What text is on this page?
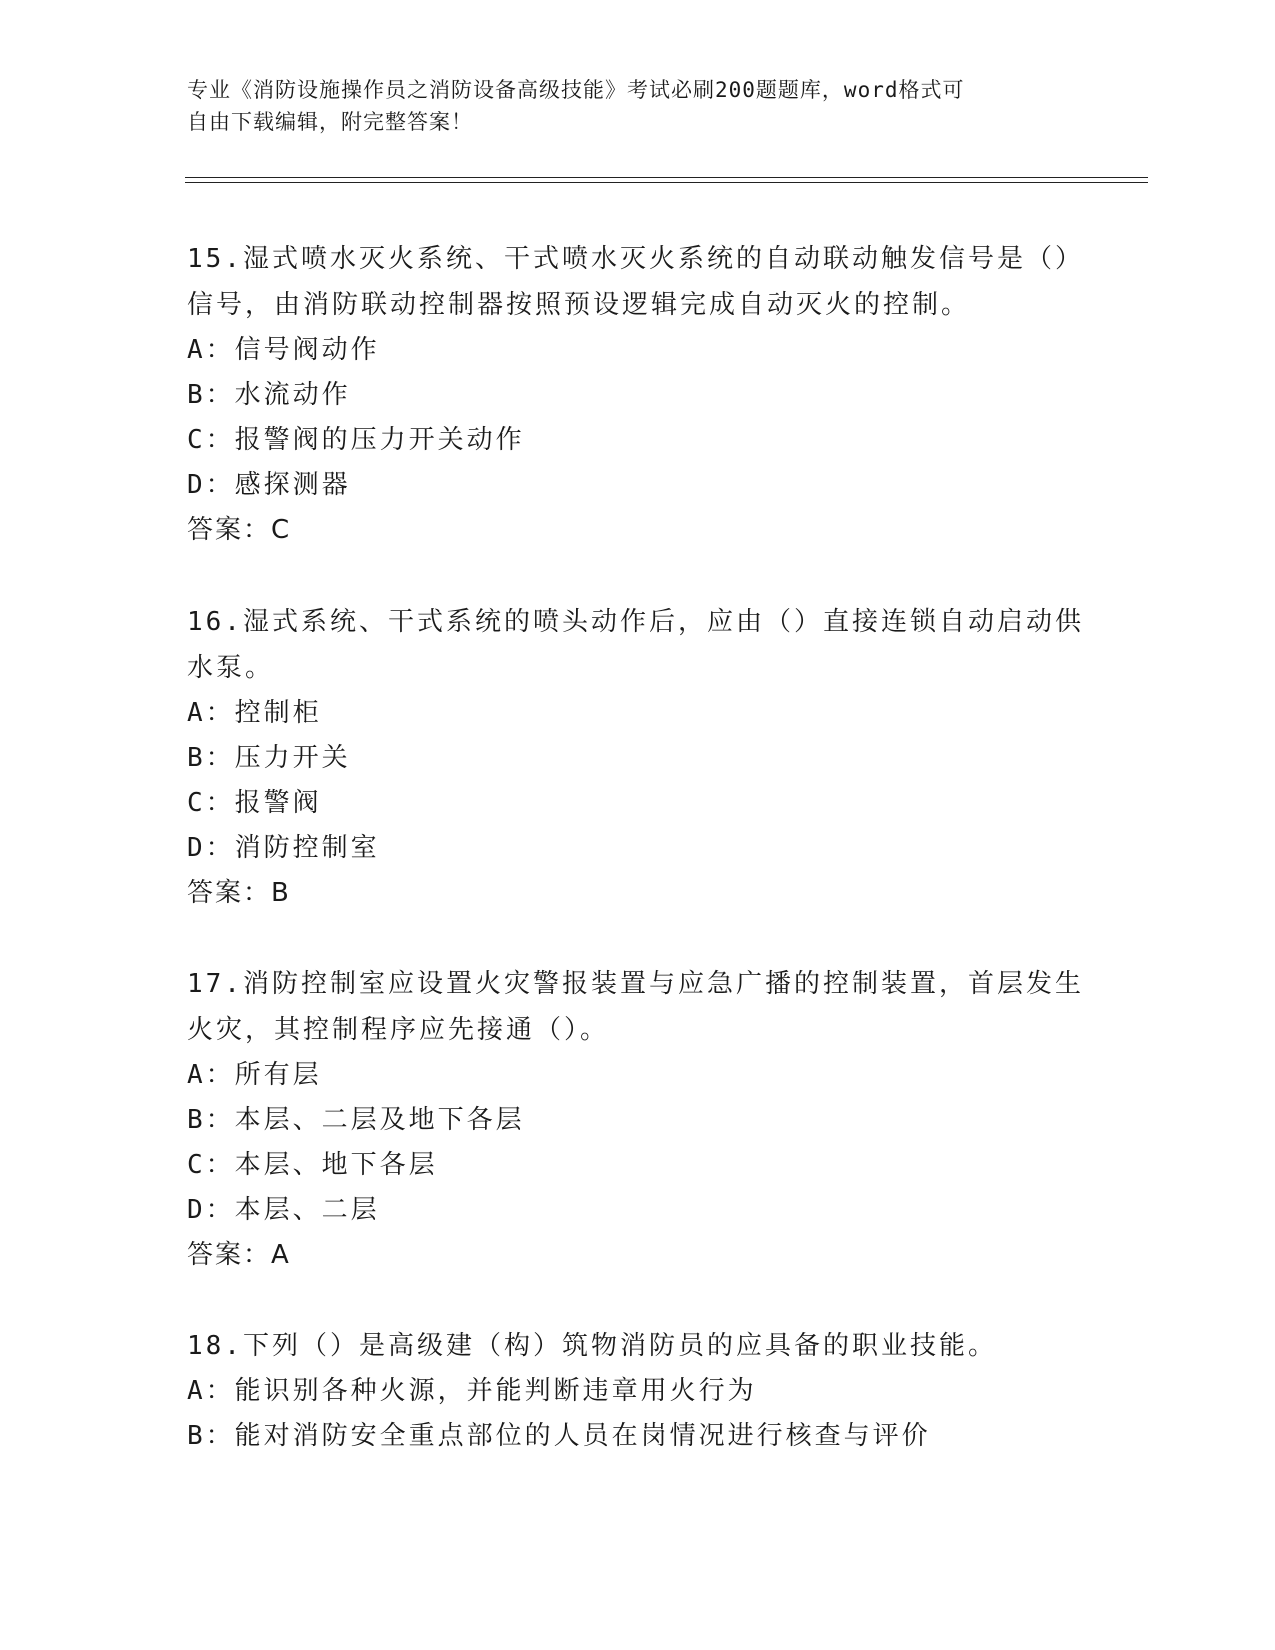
专业《消防设施操作员之消防设备高级技能》考试必刷200题题库，word格式可
自由下载编辑，附完整答案！

15.湿式喷水灭火系统、干式喷水灭火系统的自动联动触发信号是（）
信号，由消防联动控制器按照预设逻辑完成自动灭火的控制。

A：信号阀动作

B：水流动作

C：报警阀的压力开关动作

D：感探测器

答案：C

16.湿式系统、干式系统的喷头动作后，应由（）直接连锁自动启动供
水泵。

A：控制柜

B：压力开关

C：报警阀

D：消防控制室

答案：B

17.消防控制室应设置火灾警报装置与应急广播的控制装置，首层发生
火灾，其控制程序应先接通（）。

A：所有层

B：本层、二层及地下各层

C：本层、地下各层

D：本层、二层

答案：A

18.下列（）是高级建（构）筑物消防员的应具备的职业技能。

A：能识别各种火源，并能判断违章用火行为

B：能对消防安全重点部位的人员在岗情况进行核查与评价
